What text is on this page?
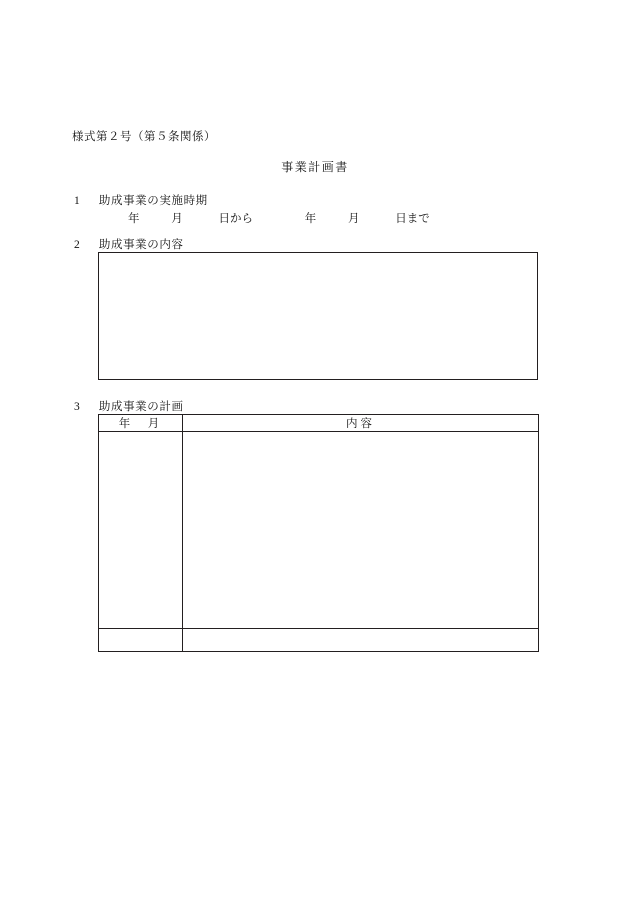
様式第２号（第５条関係）
事業計画書
1 助成事業の実施時期
年	月	日から	年	月	日まで
2 助成事業の内容
3 助成事業の計画
年　月	内容
